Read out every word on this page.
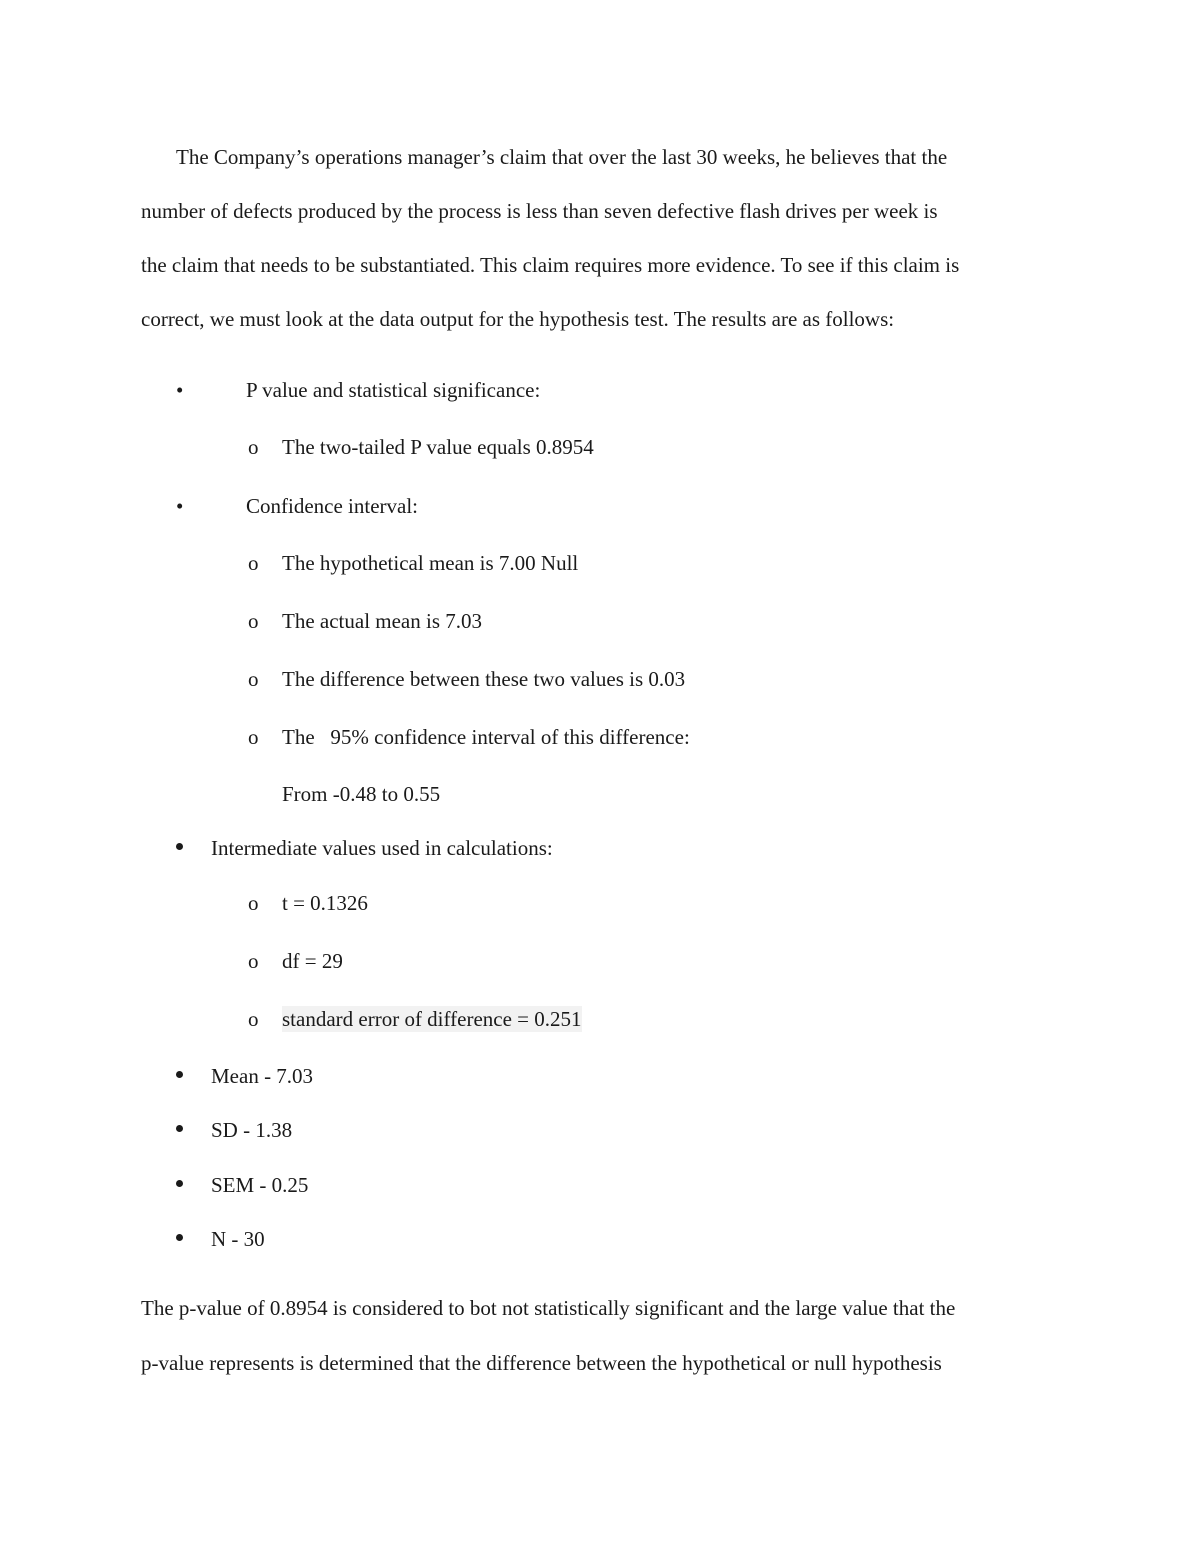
The Company’s operations manager’s claim that over the last 30 weeks, he believes that the
number of defects produced by the process is less than seven defective flash drives per week is
the claim that needs to be substantiated. This claim requires more evidence. To see if this claim is
correct, we must look at the data output for the hypothesis test. The results are as follows:
•	P value and statistical significance:
o The two-tailed P value equals 0.8954
•	Confidence interval:
o The hypothetical mean is 7.00 Null
o The actual mean is 7.03
o The difference between these two values is 0.03
o The   95% confidence interval of this difference:
From -0.48 to 0.55
Intermediate values used in calculations:
o t = 0.1326
o df = 29
o standard error of difference = 0.251
Mean - 7.03
SD - 1.38
SEM - 0.25
N - 30
The p-value of 0.8954 is considered to bot not statistically significant and the large value that the
p-value represents is determined that the difference between the hypothetical or null hypothesis
